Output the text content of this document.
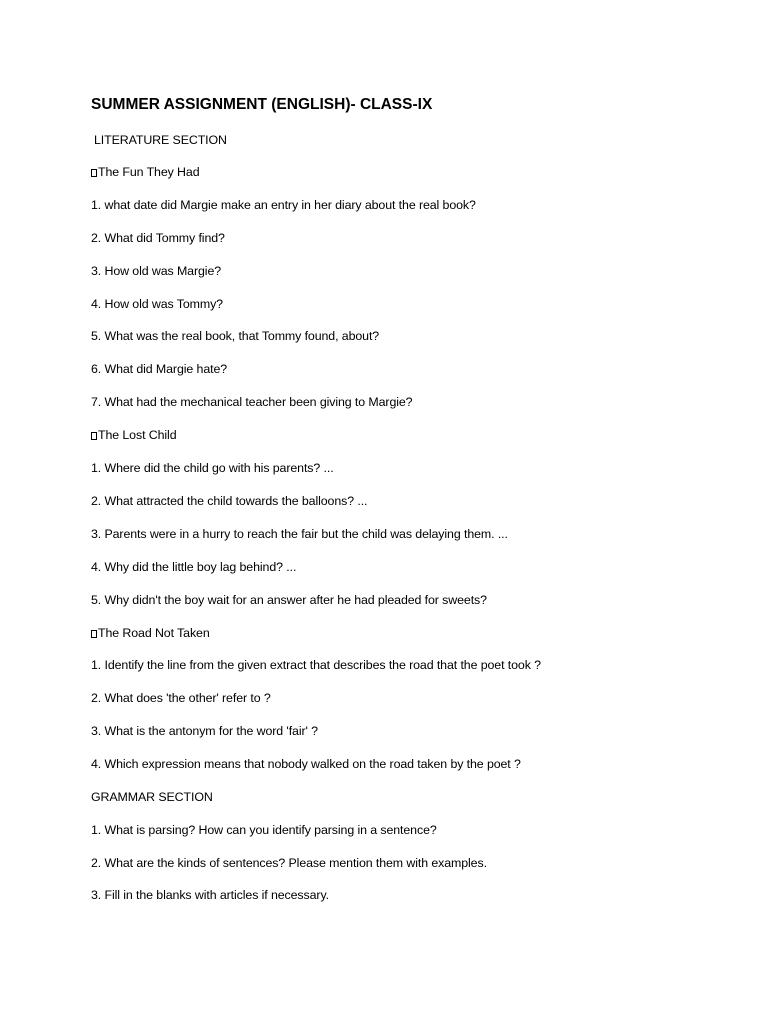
SUMMER ASSIGNMENT (ENGLISH)- CLASS-IX
LITERATURE SECTION
The Fun They Had
1. what date did Margie make an entry in her diary about the real book?
2. What did Tommy find?
3. How old was Margie?
4. How old was Tommy?
5. What was the real book, that Tommy found, about?
6. What did Margie hate?
7. What had the mechanical teacher been giving to Margie?
The Lost Child
1. Where did the child go with his parents? ...
2. What attracted the child towards the balloons? ...
3. Parents were in a hurry to reach the fair but the child was delaying them. ...
4. Why did the little boy lag behind? ...
5. Why didn't the boy wait for an answer after he had pleaded for sweets?
The Road Not Taken
1. Identify the line from the given extract that describes the road that the poet took ?
2. What does 'the other' refer to ?
3. What is the antonym for the word 'fair' ?
4. Which expression means that nobody walked on the road taken by the poet ?
GRAMMAR SECTION
1. What is parsing? How can you identify parsing in a sentence?
2. What are the kinds of sentences? Please mention them with examples.
3. Fill in the blanks with articles if necessary.
